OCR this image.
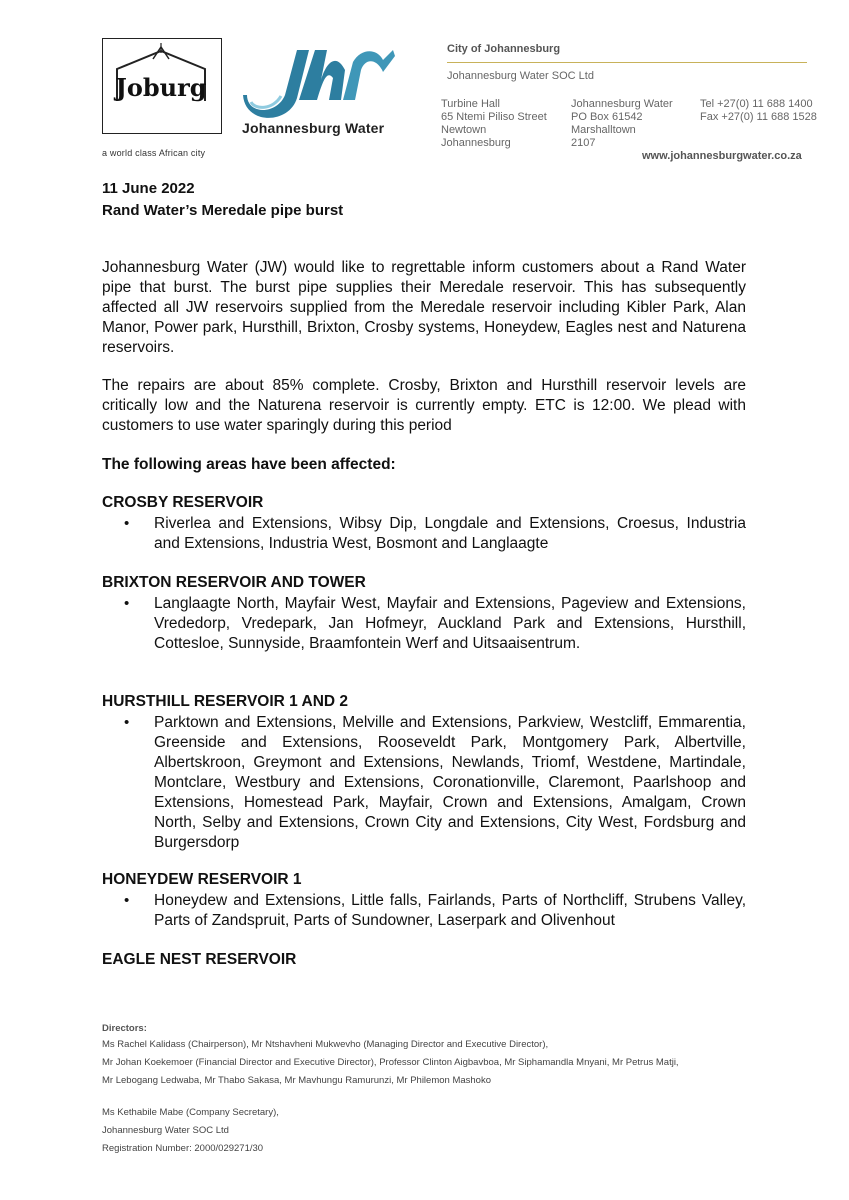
Joburg
a world class African city
Johannesburg Water
City of Johannesburg
Johannesburg Water SOC Ltd
Turbine Hall
65 Ntemi Piliso Street
Newtown
Johannesburg
Johannesburg Water
PO Box 61542
Marshalltown
2107
Tel +27(0) 11 688 1400
Fax +27(0) 11 688 1528
www.johannesburgwater.co.za
11 June 2022
Rand Water’s Meredale pipe burst
Johannesburg Water (JW) would like to regrettable inform customers about a Rand Water pipe that burst. The burst pipe supplies their Meredale reservoir. This has subsequently affected all JW reservoirs supplied from the Meredale reservoir including Kibler Park, Alan Manor, Power park, Hursthill, Brixton, Crosby systems, Honeydew, Eagles nest and Naturena reservoirs.
The repairs are about 85% complete. Crosby, Brixton and Hursthill reservoir levels are critically low and the Naturena reservoir is currently empty. ETC is 12:00. We plead with customers to use water sparingly during this period
The following areas have been affected:
CROSBY RESERVOIR
• Riverlea and Extensions, Wibsy Dip, Longdale and Extensions, Croesus, Industria and Extensions, Industria West, Bosmont and Langlaagte
BRIXTON RESERVOIR AND TOWER
• Langlaagte North, Mayfair West, Mayfair and Extensions, Pageview and Extensions, Vrededorp, Vredepark, Jan Hofmeyr, Auckland Park and Extensions, Hursthill, Cottesloe, Sunnyside, Braamfontein Werf and Uitsaaisentrum.
HURSTHILL RESERVOIR 1 AND 2
• Parktown and Extensions, Melville and Extensions, Parkview, Westcliff, Emmarentia, Greenside and Extensions, Rooseveldt Park, Montgomery Park, Albertville, Albertskroon, Greymont and Extensions, Newlands, Triomf, Westdene, Martindale, Montclare, Westbury and Extensions, Coronationville, Claremont, Paarlshoop and Extensions, Homestead Park, Mayfair, Crown and Extensions, Amalgam, Crown North, Selby and Extensions, Crown City and Extensions, City West, Fordsburg and Burgersdorp
HONEYDEW RESERVOIR 1
• Honeydew and Extensions, Little falls, Fairlands, Parts of Northcliff, Strubens Valley, Parts of Zandspruit, Parts of Sundowner, Laserpark and Olivenhout
EAGLE NEST RESERVOIR
Directors:
Ms Rachel Kalidass (Chairperson), Mr Ntshavheni Mukwevho (Managing Director and Executive Director),
Mr Johan Koekemoer (Financial Director and Executive Director), Professor Clinton Aigbavboa, Mr Siphamandla Mnyani, Mr Petrus Matji,
Mr Lebogang Ledwaba, Mr Thabo Sakasa, Mr Mavhungu Ramurunzi, Mr Philemon Mashoko
Ms Kethabile Mabe (Company Secretary),
Johannesburg Water SOC Ltd
Registration Number: 2000/029271/30
